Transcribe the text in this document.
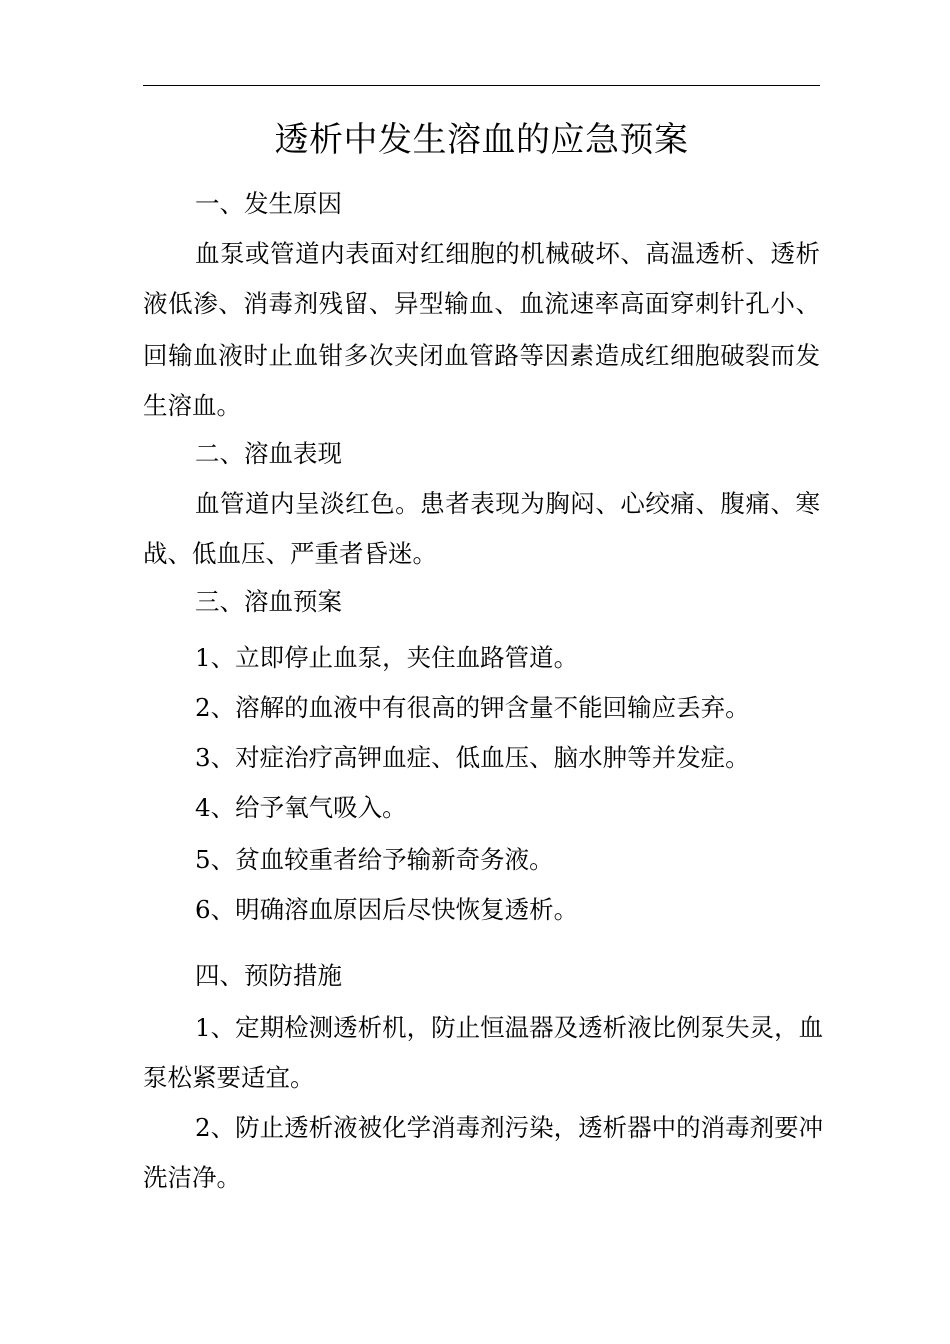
透析中发生溶血的应急预案
一、发生原因
血泵或管道内表面对红细胞的机械破坏、高温透析、透析
液低渗、消毒剂残留、异型输血、血流速率高面穿刺针孔小、
回输血液时止血钳多次夹闭血管路等因素造成红细胞破裂而发
生溶血。
二、溶血表现
血管道内呈淡红色。患者表现为胸闷、心绞痛、腹痛、寒
战、低血压、严重者昏迷。
三、溶血预案
1、立即停止血泵，夹住血路管道。
2、溶解的血液中有很高的钾含量不能回输应丢弃。
3、对症治疗高钾血症、低血压、脑水肿等并发症。
4、给予氧气吸入。
5、贫血较重者给予输新奇务液。
6、明确溶血原因后尽快恢复透析。
四、预防措施
1、定期检测透析机，防止恒温器及透析液比例泵失灵，血
泵松紧要适宜。
2、防止透析液被化学消毒剂污染，透析器中的消毒剂要冲
洗洁净。
